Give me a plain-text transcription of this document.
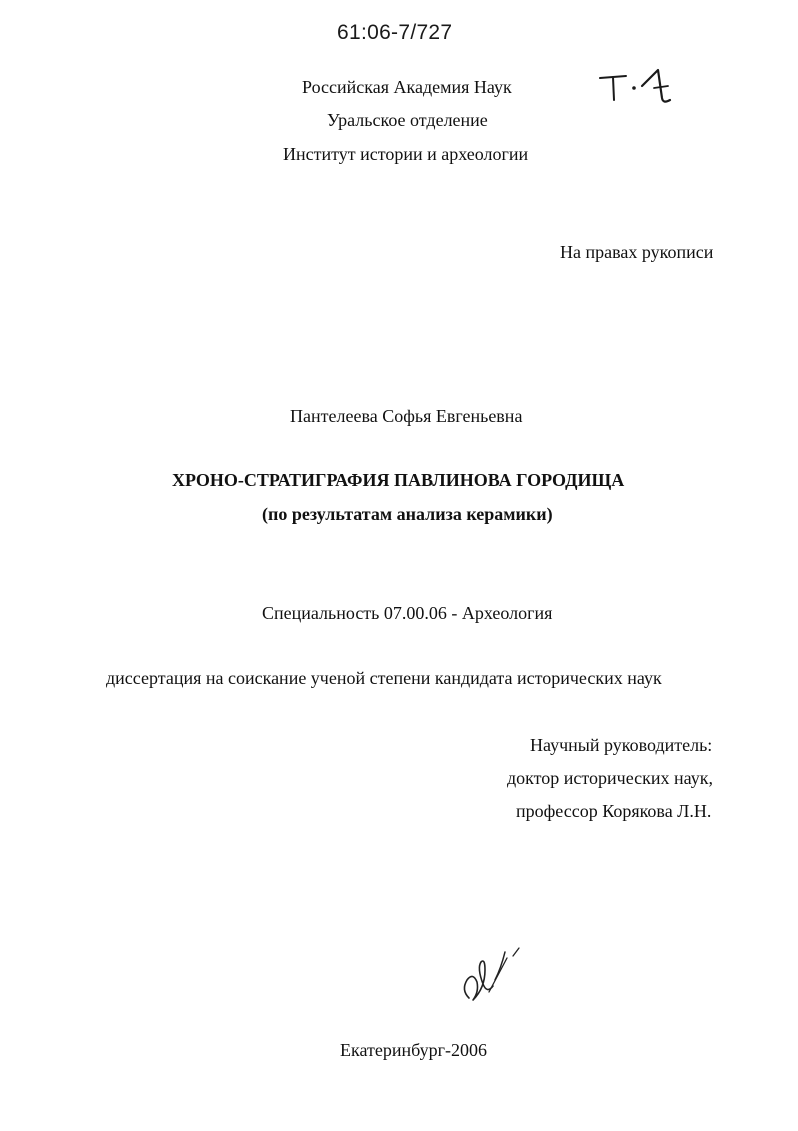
61:06-7/727
Российская Академия Наук
Уральское отделение
Институт истории и археологии
На правах рукописи
Пантелеева Софья Евгеньевна
ХРОНО-СТРАТИГРАФИЯ ПАВЛИНОВА ГОРОДИЩА
(по результатам анализа керамики)
Специальность 07.00.06 - Археология
диссертация на соискание ученой степени кандидата исторических наук
Научный руководитель:
доктор исторических наук,
профессор Корякова Л.Н.
Екатеринбург-2006
